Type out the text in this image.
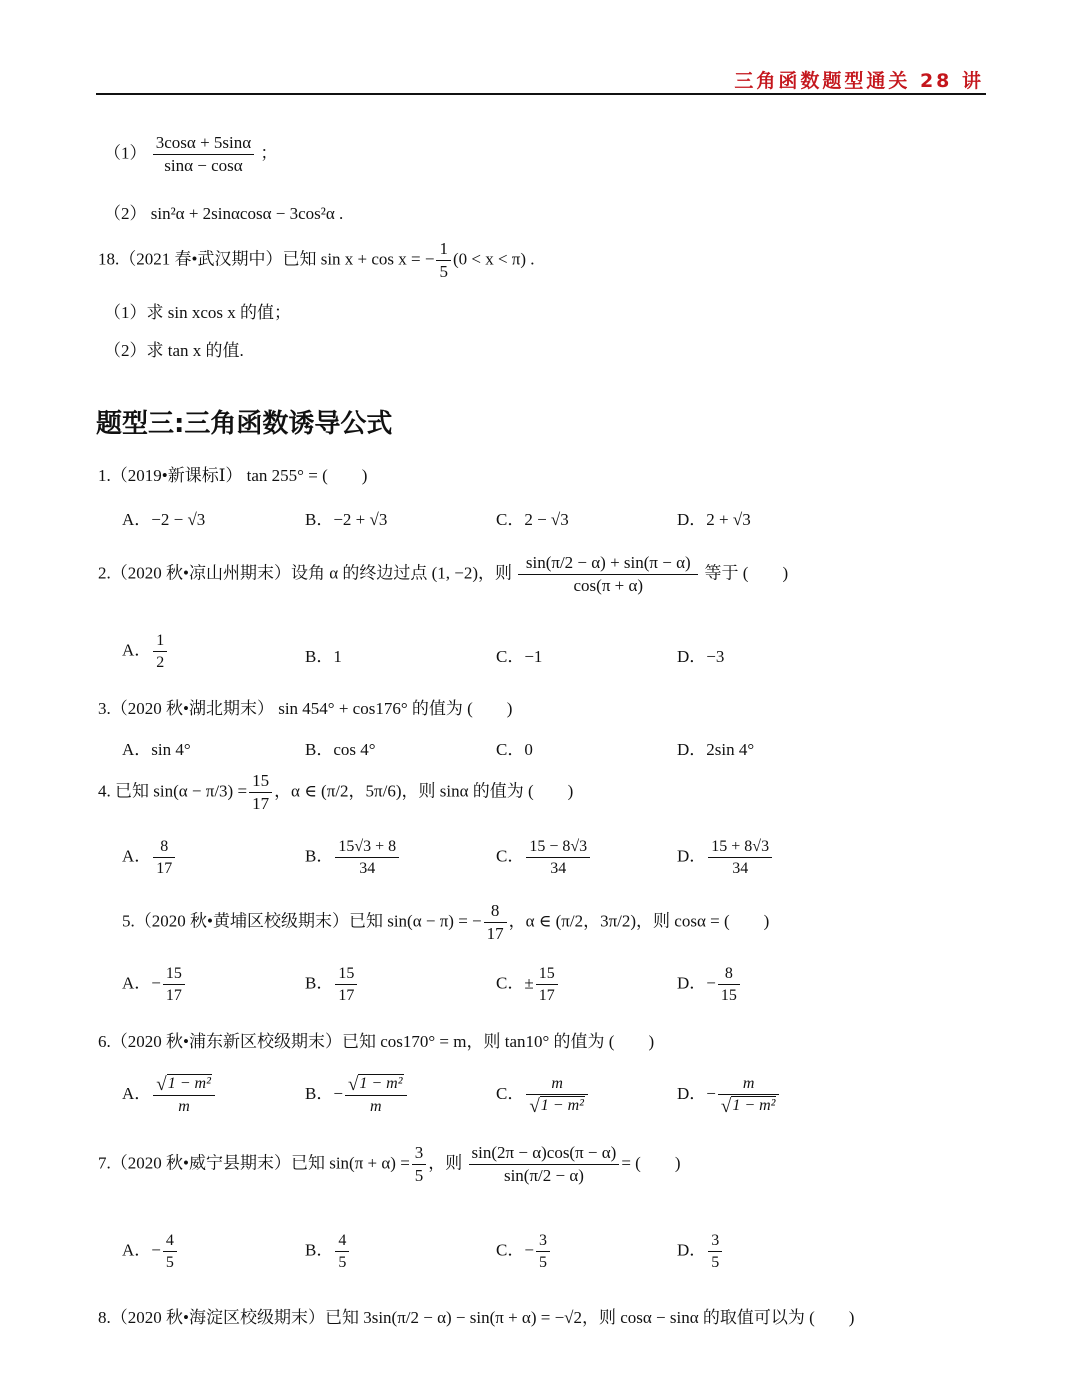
三角函数题型通关 28 讲
$(1) \frac{3\cos\alpha + 5\sin\alpha}{\sin\alpha - \cos\alpha}$ ；
（2） sin²α + 2sinαcosα − 3cos²α .
18.（2021 春•武汉期中）已知 sin x + cos x = − $\frac{1}{5} (0 < x < \pi)$ .
（1）求 sin xcos x 的值；
（2）求 tan x 的值.
题型三:三角函数诱导公式
1.（2019•新课标Ⅰ） tan 255° = (　　)
A．−2 − √3	B．−2 + √3	C．2 − √3	D．2 + √3
2.（2020 秋•凉山州期末）设角 α 的终边过点 (1, −2)，则 $\frac{\sin(\pi/2 - \alpha) + \sin(\pi - \alpha)}{\cos(\pi + \alpha)}$ 等于 (　　)
A． $\frac{1}{2}$	B．1	C．−1	D．−3
3.（2020 秋•湖北期末） sin 454° + cos176° 的值为 (　　)
A．sin 4°	B．cos 4°	C．0	D．2sin 4°
4. 已知 $\sin(\alpha - \pi/3) = \frac{15}{17}$ ，α ∈ (π/2，5π/6)，则 sinα 的值为 (　　)
A． $\frac{8}{17}$	B． $\frac{15√3 + 8}{34}$	C． $\frac{15 - 8√3}{34}$	D． $\frac{15 + 8√3}{34}$
5.（2020 秋•黄埔区校级期末）已知 sin(α − π) = − $\frac{8}{17}$ ，α ∈ (π/2，3π/2)，则 cosα = (　　)
A．− $\frac{15}{17}$	B． $\frac{15}{17}$	C．± $\frac{15}{17}$	D．− $\frac{8}{15}$
6.（2020 秋•浦东新区校级期末）已知 cos170° = m，则 tan10° 的值为 (　　)
A． $\frac{\text{√1 − m²}}{m}$	B．− $\frac{\text{√1 − m²}}{m}$	C． $\frac{m}{\text{√1 − m²}}$	D．− $\frac{m}{\text{√1 − m²}}$
7.（2020 秋•威宁县期末）已知 $\sin(\pi + \alpha) = \frac{3}{5}$ ，则 $\frac{\sin(2\pi - \alpha)\cos(\pi - \alpha)}{\sin(\pi/2 - \alpha)}$ = (　　)
A．− $\frac{4}{5}$	B． $\frac{4}{5}$	C．− $\frac{3}{5}$	D． $\frac{3}{5}$
8.（2020 秋•海淀区校级期末）已知 3sin(π/2 − α) − sin(π + α) = −√2，则 cosα − sinα 的取值可以为 (　　)
